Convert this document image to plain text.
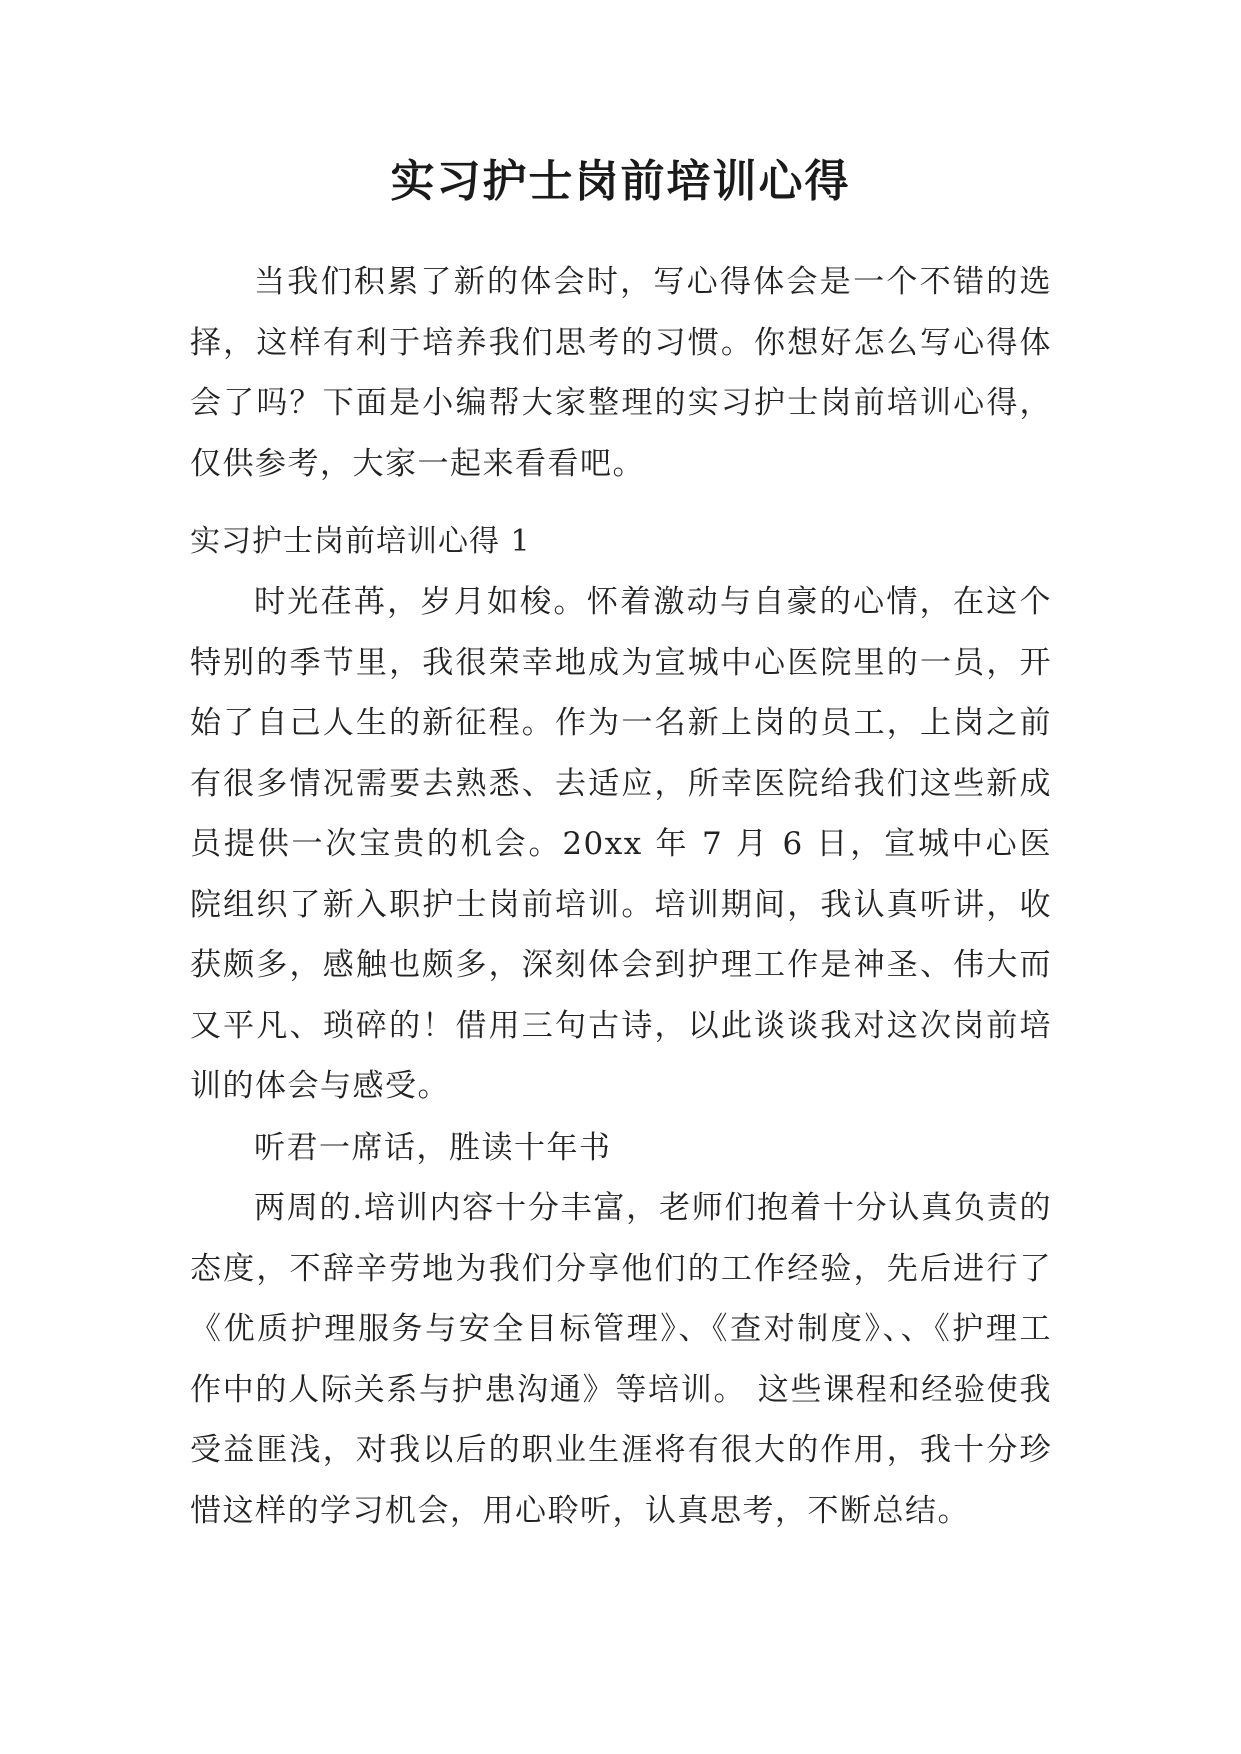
实习护士岗前培训心得

当我们积累了新的体会时，写心得体会是一个不错的选择，这样有利于培养我们思考的习惯。你想好怎么写心得体会了吗？下面是小编帮大家整理的实习护士岗前培训心得，仅供参考，大家一起来看看吧。

实习护士岗前培训心得 1

时光荏苒，岁月如梭。怀着激动与自豪的心情，在这个特别的季节里，我很荣幸地成为宣城中心医院里的一员，开始了自己人生的新征程。作为一名新上岗的员工，上岗之前有很多情况需要去熟悉、去适应，所幸医院给我们这些新成员提供一次宝贵的机会。20xx 年 7 月 6 日，宣城中心医院组织了新入职护士岗前培训。培训期间，我认真听讲，收获颇多，感触也颇多，深刻体会到护理工作是神圣、伟大而又平凡、琐碎的！借用三句古诗，以此谈谈我对这次岗前培训的体会与感受。

听君一席话，胜读十年书

两周的.培训内容十分丰富，老师们抱着十分认真负责的态度，不辞辛劳地为我们分享他们的工作经验，先后进行了《优质护理服务与安全目标管理》、《查对制度》、、《护理工作中的人际关系与护患沟通》等培训。 这些课程和经验使我受益匪浅，对我以后的职业生涯将有很大的作用，我十分珍惜这样的学习机会，用心聆听，认真思考，不断总结。
